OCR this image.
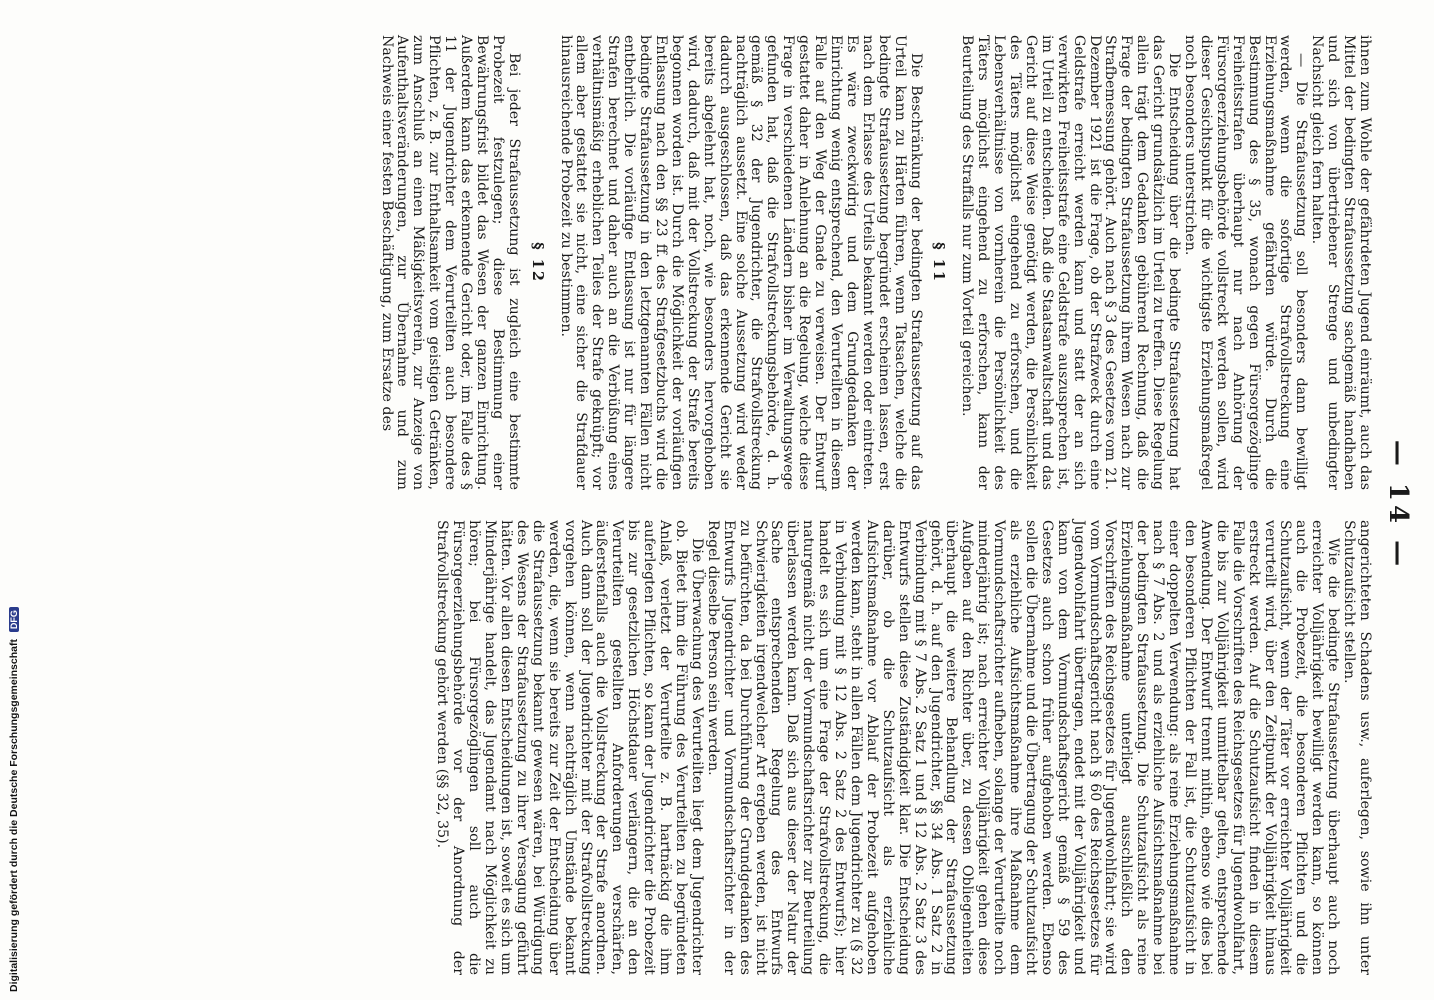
— 14 —

ihnen zum Wohle der gefährdeten Jugend einräumt, auch das Mittel der bedingten Strafaussetzung sachgemäß handhaben und sich von übertriebener Strenge und unbedingter Nachsicht gleich fern halten.

— Die Strafaussetzung soll besonders dann bewilligt werden, wenn die sofortige Strafvollstreckung eine Erziehungsmaßnahme gefährden würde. Durch die Bestimmung des § 35, wonach gegen Fürsorgezöglinge Freiheitsstrafen überhaupt nur nach Anhörung der Fürsorgeerziehungsbehörde vollstreckt werden sollen, wird dieser Gesichtspunkt für die wichtigste Erziehungsmaßregel noch besonders unterstrichen.

Die Entscheidung über die bedingte Strafaussetzung hat das Gericht grundsätzlich im Urteil zu treffen. Diese Regelung allein trägt dem Gedanken gebührend Rechnung, daß die Frage der bedingten Strafaussetzung ihrem Wesen nach zur Strafbemessung gehört. Auch nach § 3 des Gesetzes vom 21. Dezember 1921 ist die Frage, ob der Strafzweck durch eine Geldstrafe erreicht werden kann und statt der an sich verwirkten Freiheitsstrafe eine Geldstrafe auszusprechen ist, im Urteil zu entscheiden. Daß die Staatsanwaltschaft und das Gericht auf diese Weise genötigt werden, die Persönlichkeit des Täters möglichst eingehend zu erforschen, und die Lebensverhältnisse von vornherein die Persönlichkeit des Täters möglichst eingehend zu erforschen, kann der Beurteilung des Straffalls nur zum Vorteil gereichen.

§ 11

Die Beschränkung der bedingten Strafaussetzung auf das Urteil kann zu Härten führen, wenn Tatsachen, welche die bedingte Strafaussetzung begründet erscheinen lassen, erst nach dem Erlasse des Urteils bekannt werden oder eintreten. Es wäre zweckwidrig und dem Grundgedanken der Einrichtung wenig entsprechend, den Verurteilten in diesem Falle auf den Weg der Gnade zu verweisen. Der Entwurf gestattet daher in Anlehnung an die Regelung, welche diese Frage in verschiedenen Ländern bisher im Verwaltungswege gefunden hat, daß die Strafvollstreckungsbehörde, d. h. gemäß § 32 der Jugendrichter, die Strafvollstreckung nachträglich aussetzt. Eine solche Aussetzung wird weder dadurch ausgeschlossen, daß das erkennende Gericht sie bereits abgelehnt hat, noch, wie besonders hervorgehoben wird, dadurch, daß mit der Vollstreckung der Strafe bereits begonnen worden ist. Durch die Möglichkeit der vorläufigen Entlassung nach den §§ 23 ff. des Strafgesetzbuchs wird die bedingte Strafaussetzung in den letztgenannten Fällen nicht entbehrlich. Die vorläufige Entlassung ist nur für längere Strafen berechnet und daher auch an die Verbüßung eines verhältnismäßig erheblichen Teiles der Strafe geknüpft; vor allem aber gestattet sie nicht, eine sicher die Strafdauer hinausreichende Probezeit zu bestimmen.

§ 12

Bei jeder Strafaussetzung ist zugleich eine bestimmte Probezeit festzulegen; diese Bestimmung einer Bewährungsfrist bildet das Wesen der ganzen Einrichtung. Außerdem kann das erkennende Gericht oder, im Falle des § 11 der Jugendrichter dem Verurteilten auch besondere Pflichten, z. B. zur Enthaltsamkeit vom geistigen Getränken, zum Anschluß an einen Mäßigkeitsverein, zur Anzeige von Aufenthaltsveränderungen, zur Übernahme und zum Nachweis einer festen Beschäftigung, zum Ersatze des

angerichteten Schadens usw., auferlegen, sowie ihn unter Schutzaufsicht stellen.

Wie die bedingte Strafaussetzung überhaupt auch noch erreichter Volljährigkeit bewilligt werden kann, so können auch die Probezeit, die besonderen Pflichten und die Schutzaufsicht, wenn der Täter vor erreichter Volljährigkeit verurteilt wird, über den Zeitpunkt der Volljährigkeit hinaus erstreckt werden. Auf die Schutzaufsicht finden in diesem Falle die Vorschriften des Reichsgesetzes für Jugendwohlfahrt, die bis zur Volljährigkeit unmittelbar gelten, entsprechende Anwendung. Der Entwurf trennt mithin, ebenso wie dies bei den besonderen Pflichten der Fall ist, die Schutzaufsicht in einer doppelten Verwendung: als reine Erziehungsmaßnahme nach § 7 Abs. 2 und als erziehliche Aufsichtsmaßnahme bei der bedingten Strafaussetzung. Die Schutzaufsicht als reine Erziehungsmaßnahme unterliegt ausschließlich den Vorschriften des Reichsgesetzes für Jugendwohlfahrt; sie wird vom Vormundschaftsgericht nach § 60 des Reichsgesetzes für Jugendwohlfahrt übertragen, endet mit der Volljährigkeit und kann von dem Vormundschaftsgericht gemäß § 59 des Gesetzes auch schon früher aufgehoben werden. Ebenso sollen die Übernahme und die Übertragung der Schutzaufsicht als erziehliche Aufsichtsmaßnahme ihre Maßnahme dem Vormundschaftsrichter aufheben, solange der Verurteilte noch minderjährig ist; nach erreichter Volljährigkeit gehen diese Aufgaben auf den Richter über, zu dessen Obliegenheiten überhaupt die weitere Behandlung der Strafaussetzung gehört, d. h. auf den Jugendrichter, §§ 34 Abs. 1 Satz 2 in Verbindung mit § 7 Abs. 2 Satz 1 und § 12 Abs. 2 Satz 3 des Entwurfs stellen diese Zuständigkeit klar. Die Entscheidung darüber, ob die Schutzaufsicht als erziehliche Aufsichtsmaßnahme vor Ablauf der Probezeit aufgehoben werden kann, steht in allen Fällen dem Jugendrichter zu (§ 32 in Verbindung mit § 12 Abs. 2 Satz 2 des Entwurfs); hier handelt es sich um eine Frage der Strafvollstreckung, die naturgemäß nicht der Vormundschaftsrichter zur Beurteilung überlassen werden kann. Daß sich aus dieser der Natur der Sache entsprechenden Regelung des Entwurfs Schwierigkeiten irgendwelcher Art ergeben werden, ist nicht zu befürchten, da bei Durchführung der Grundgedanken des Entwurfs Jugendrichter und Vormundschaftsrichter in der Regel dieselbe Person sein werden.

Die Überwachung des Verurteilten liegt dem Jugendrichter ob. Bietet ihm die Führung des Verurteilten zu begründeten Anlaß, verletzt der Verurteilte z. B. hartnäckig die ihm auferlegten Pflichten, so kann der Jugendrichter die Probezeit bis zur gesetzlichen Höchstdauer verlängern, die an den Verurteilten gestellten Anforderungen verschärfen, äußerstenfalls auch die Vollstreckung der Strafe anordnen. Auch dann soll der Jugendrichter mit der Strafvollstreckung vorgehen können, wenn nachträglich Umstände bekannt werden, die, wenn sie bereits zur Zeit der Entscheidung über die Strafaussetzung bekannt gewesen wären, bei Würdigung des Wesens der Strafaussetzung zu ihrer Versagung geführt hätten. Vor allen diesen Entscheidungen ist, soweit es sich um Minderjährige handelt, das Jugendamt nach Möglichkeit zu hören; bei Fürsorgezöglingen soll auch die Fürsorgeerziehungsbehörde vor der Anordnung der Strafvollstreckung gehört werden (§§ 32, 35).

Digitalisierung gefördert durch die Deutsche Forschungsgemeinschaft DFG
